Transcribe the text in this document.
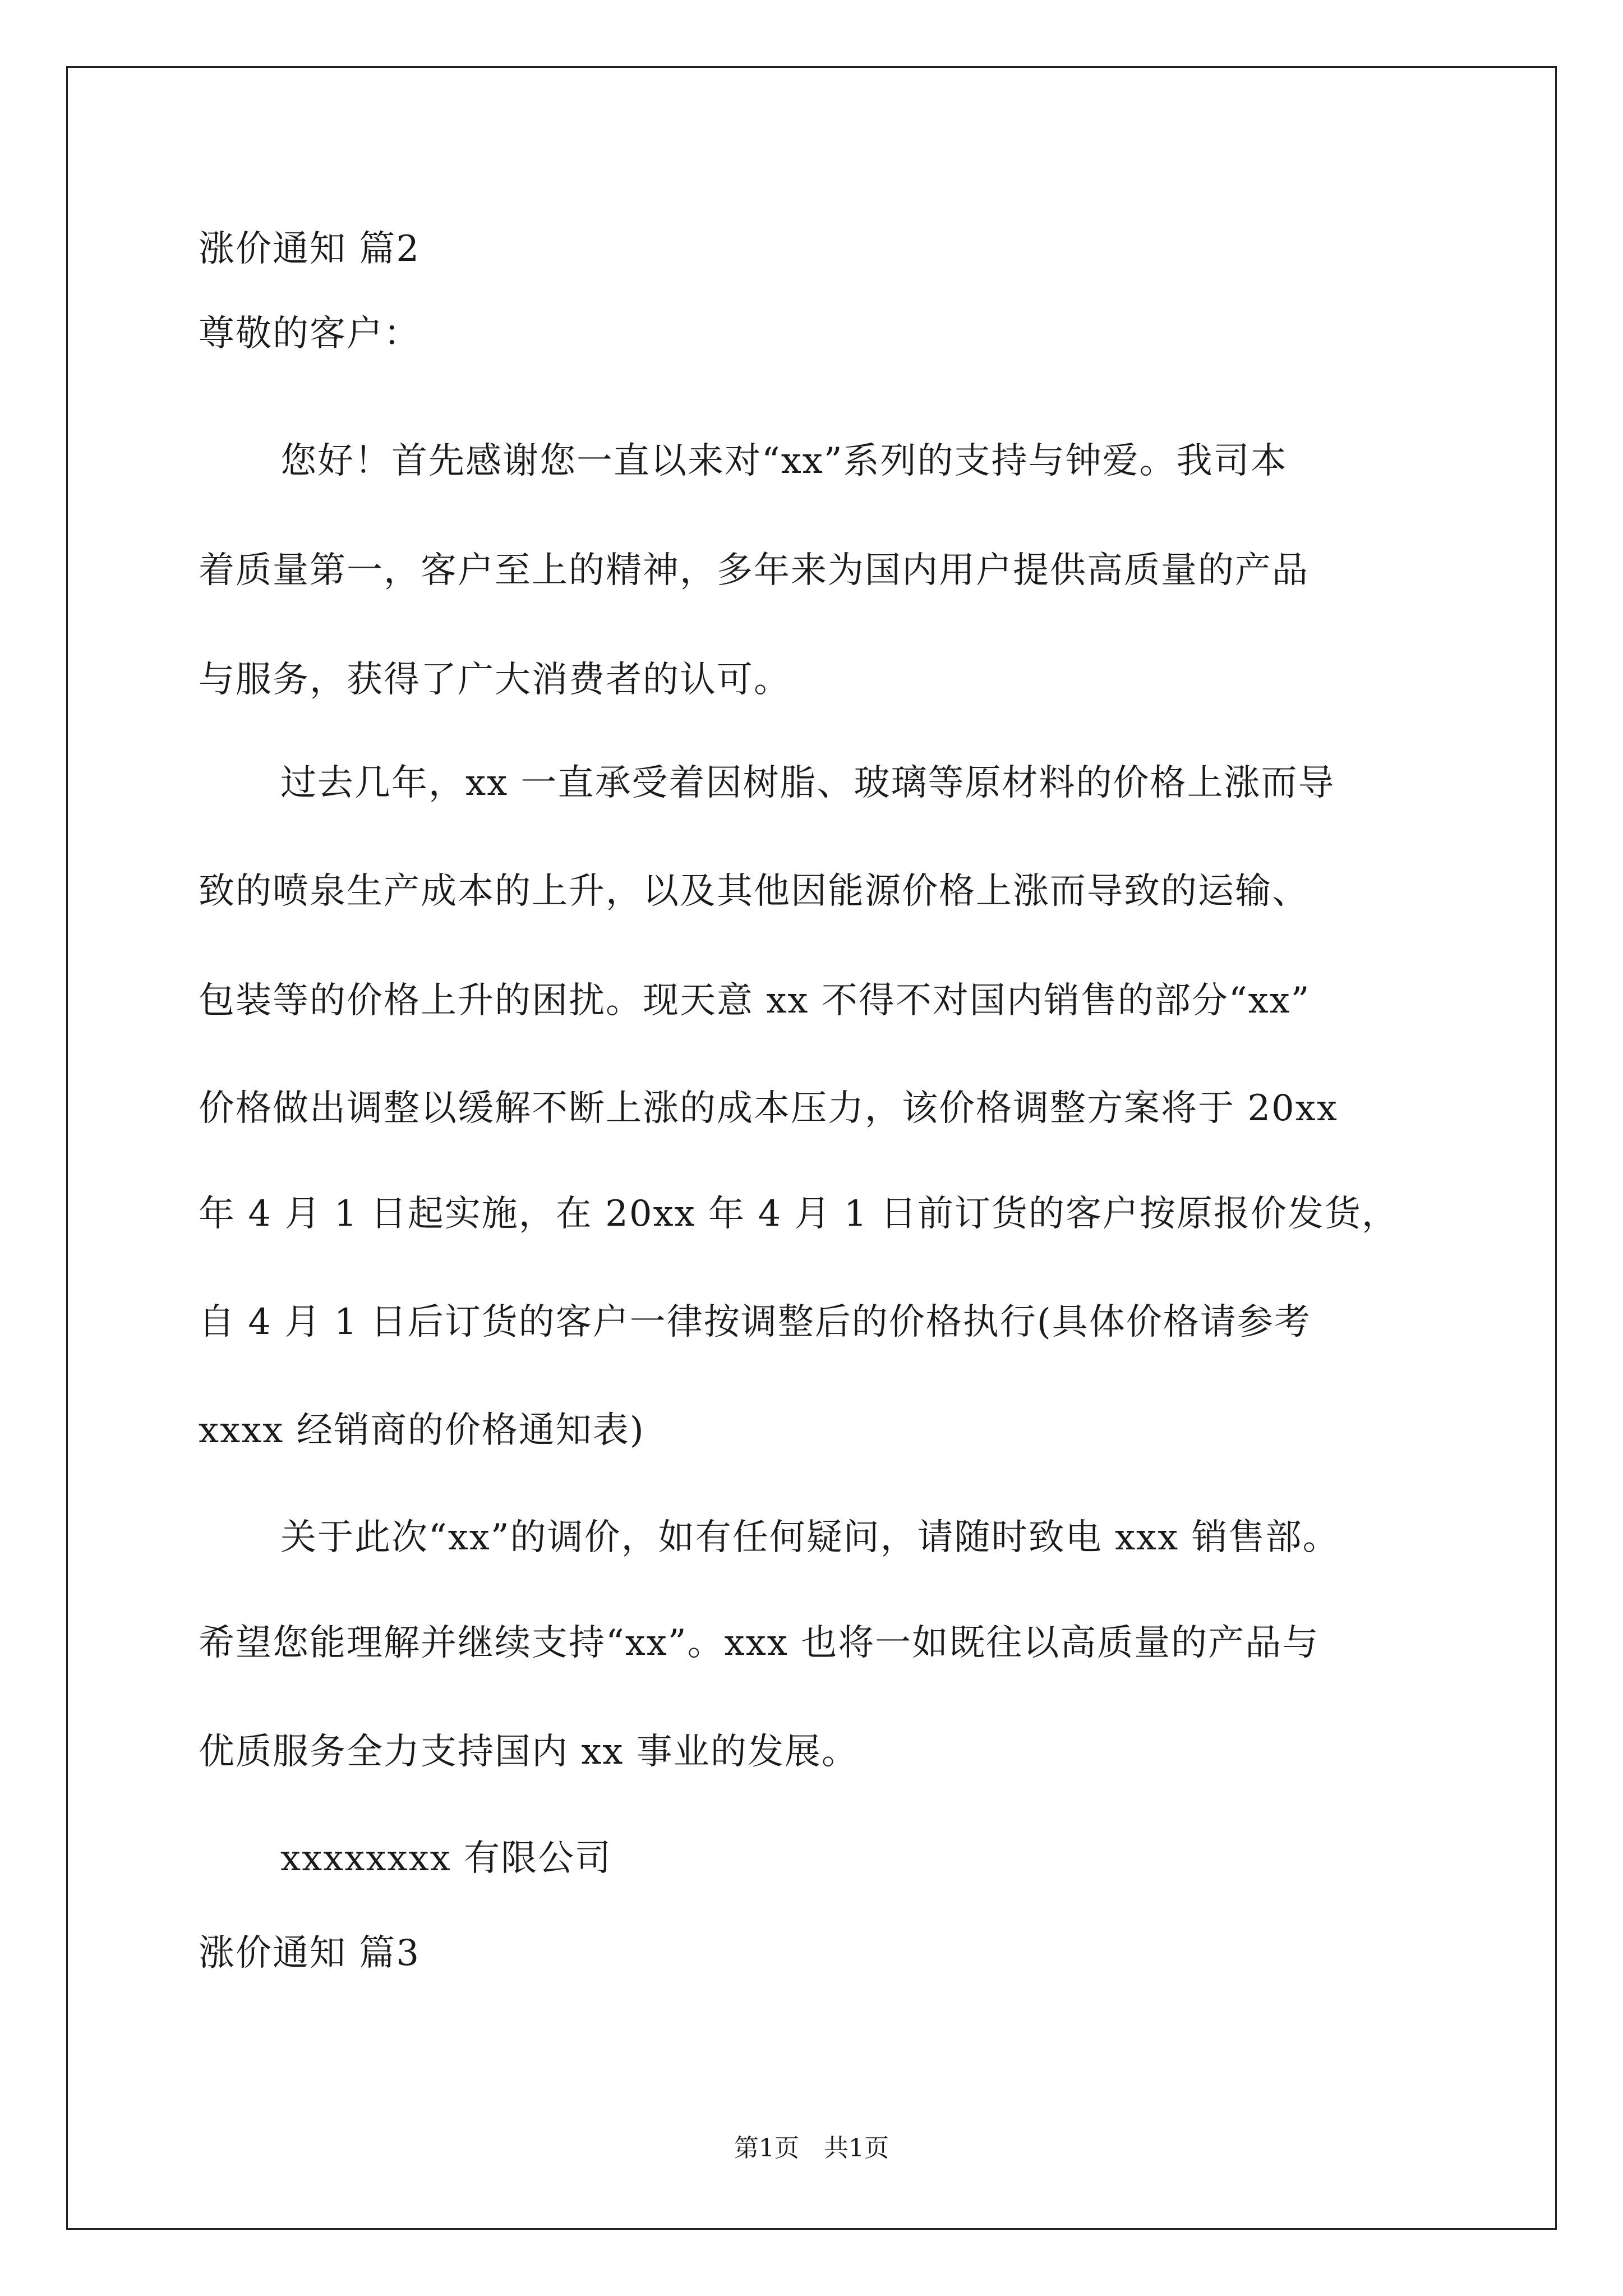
涨价通知 篇2
尊敬的客户：
您好！首先感谢您一直以来对“xx”系列的支持与钟爱。我司本
着质量第一，客户至上的精神，多年来为国内用户提供高质量的产品
与服务，获得了广大消费者的认可。
过去几年，xx 一直承受着因树脂、玻璃等原材料的价格上涨而导
致的喷泉生产成本的上升，以及其他因能源价格上涨而导致的运输、
包装等的价格上升的困扰。现天意 xx 不得不对国内销售的部分“xx”
价格做出调整以缓解不断上涨的成本压力，该价格调整方案将于 20xx
年 4 月 1 日起实施，在 20xx 年 4 月 1 日前订货的客户按原报价发货，
自 4 月 1 日后订货的客户一律按调整后的价格执行(具体价格请参考
xxxx 经销商的价格通知表)
关于此次“xx”的调价，如有任何疑问，请随时致电 xxx 销售部。
希望您能理解并继续支持“xx”。xxx 也将一如既往以高质量的产品与
优质服务全力支持国内 xx 事业的发展。
xxxxxxxx 有限公司
涨价通知 篇3
第1页　共1页
